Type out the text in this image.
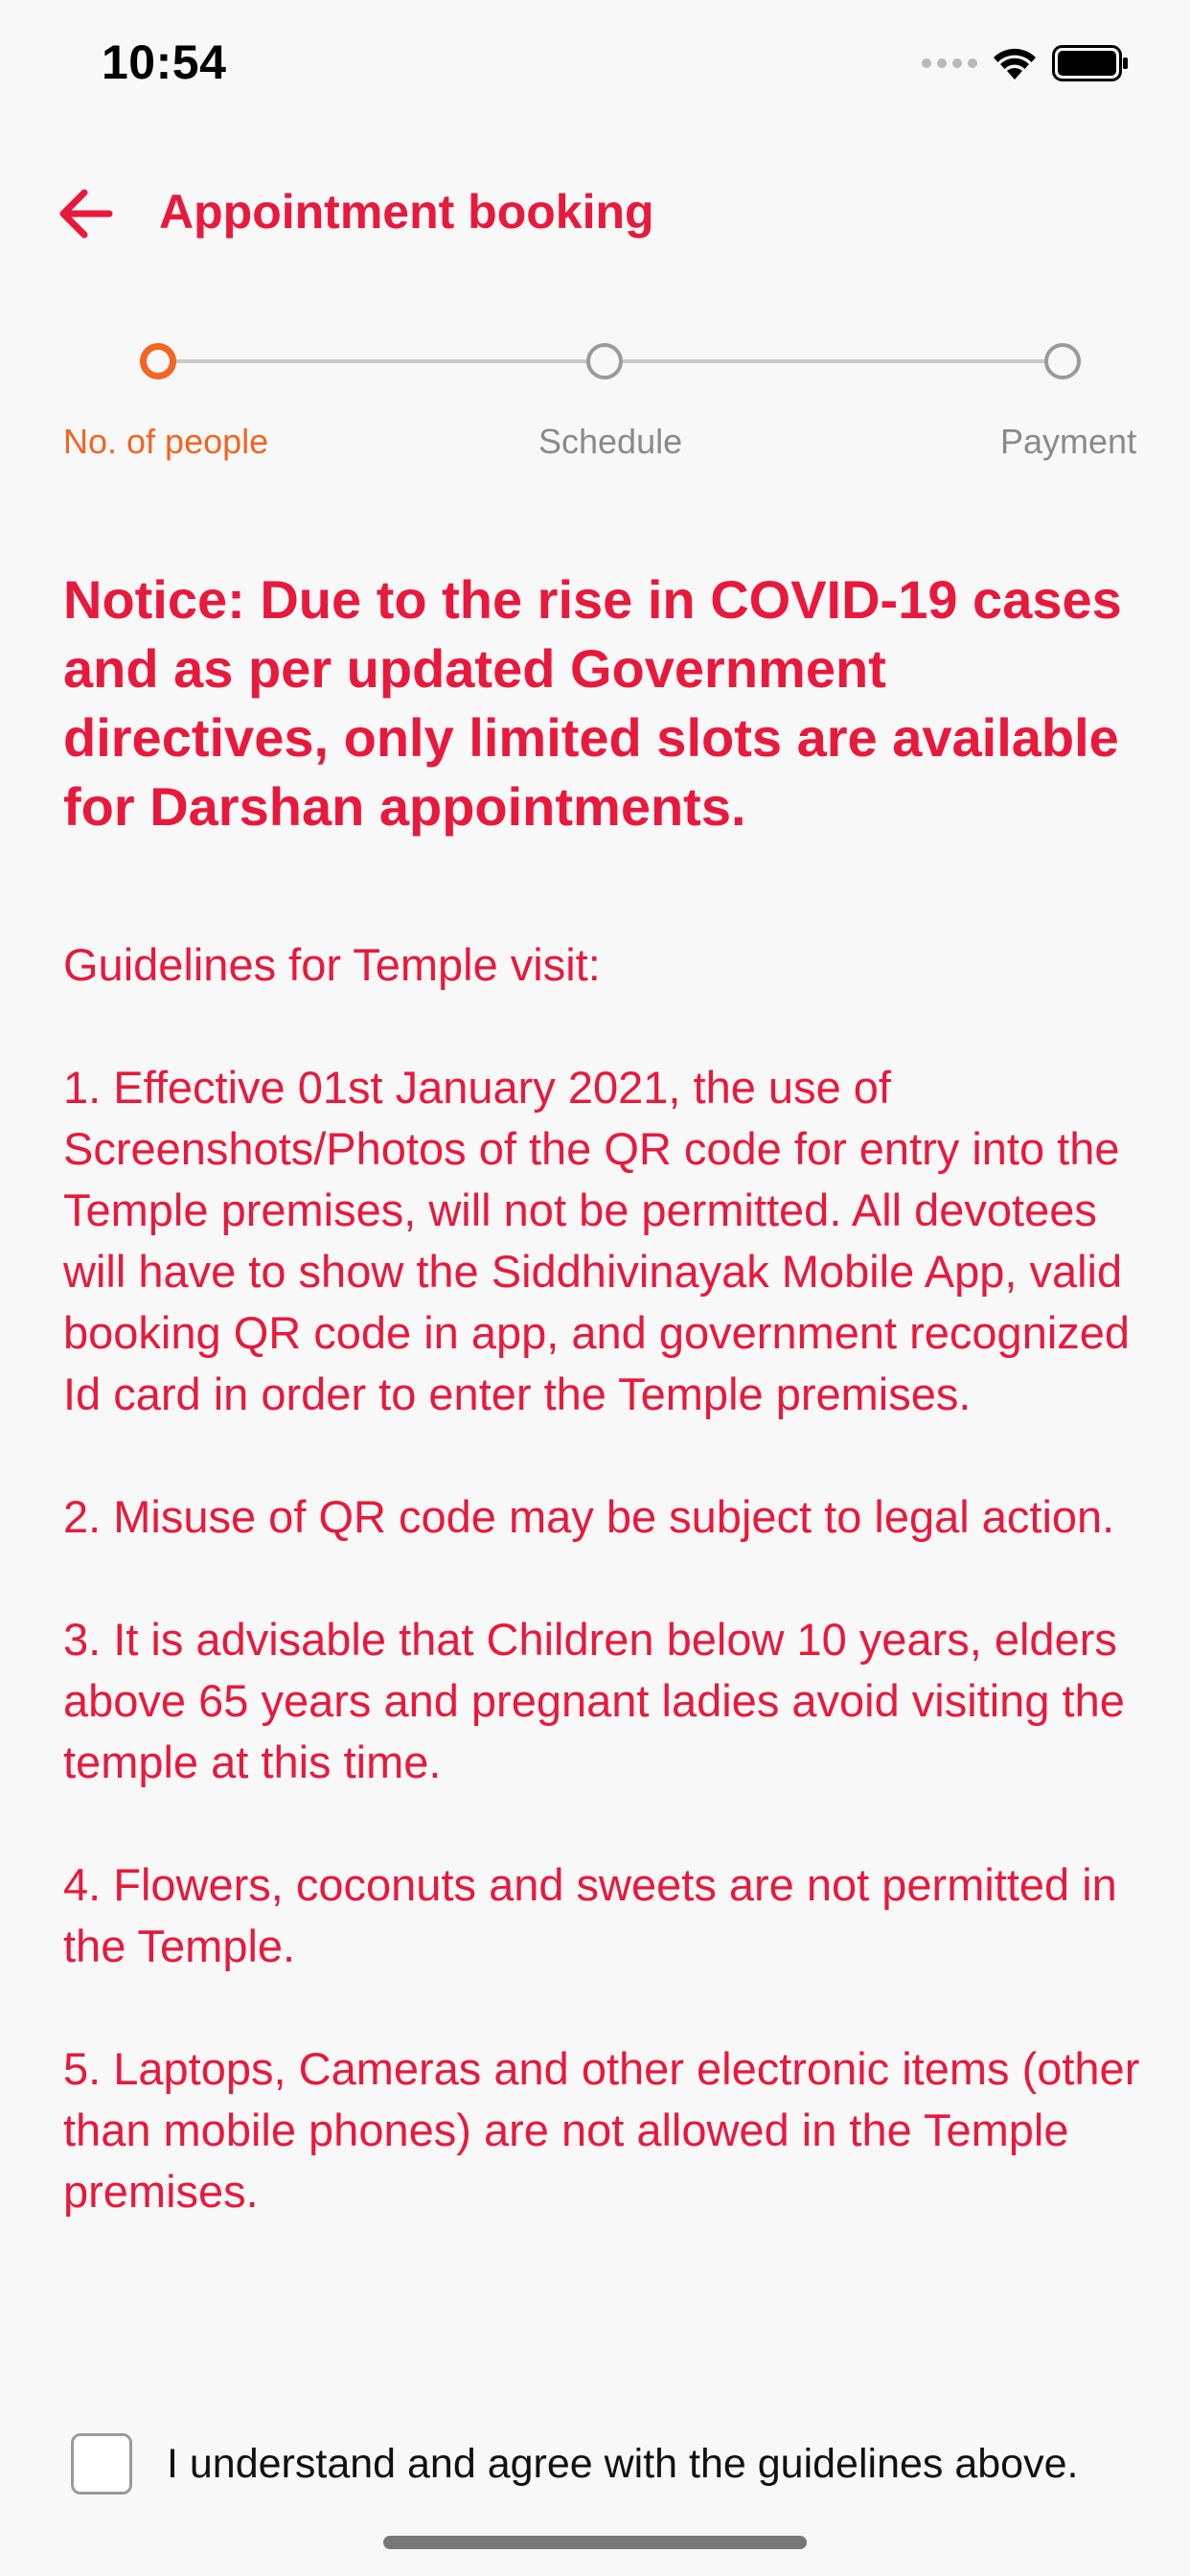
10:54
Appointment booking
No. of people	Schedule	Payment
Notice: Due to the rise in COVID-19 cases and as per updated Government directives, only limited slots are available for Darshan appointments.

Guidelines for Temple visit:

1. Effective 01st January 2021, the use of Screenshots/Photos of the QR code for entry into the Temple premises, will not be permitted. All devotees will have to show the Siddhivinayak Mobile App, valid booking QR code in app, and government recognized Id card in order to enter the Temple premises.

2. Misuse of QR code may be subject to legal action.

3. It is advisable that Children below 10 years, elders above 65 years and pregnant ladies avoid visiting the temple at this time.

4. Flowers, coconuts and sweets are not permitted in the Temple.

5. Laptops, Cameras and other electronic items (other than mobile phones) are not allowed in the Temple premises.

I understand and agree with the guidelines above.
